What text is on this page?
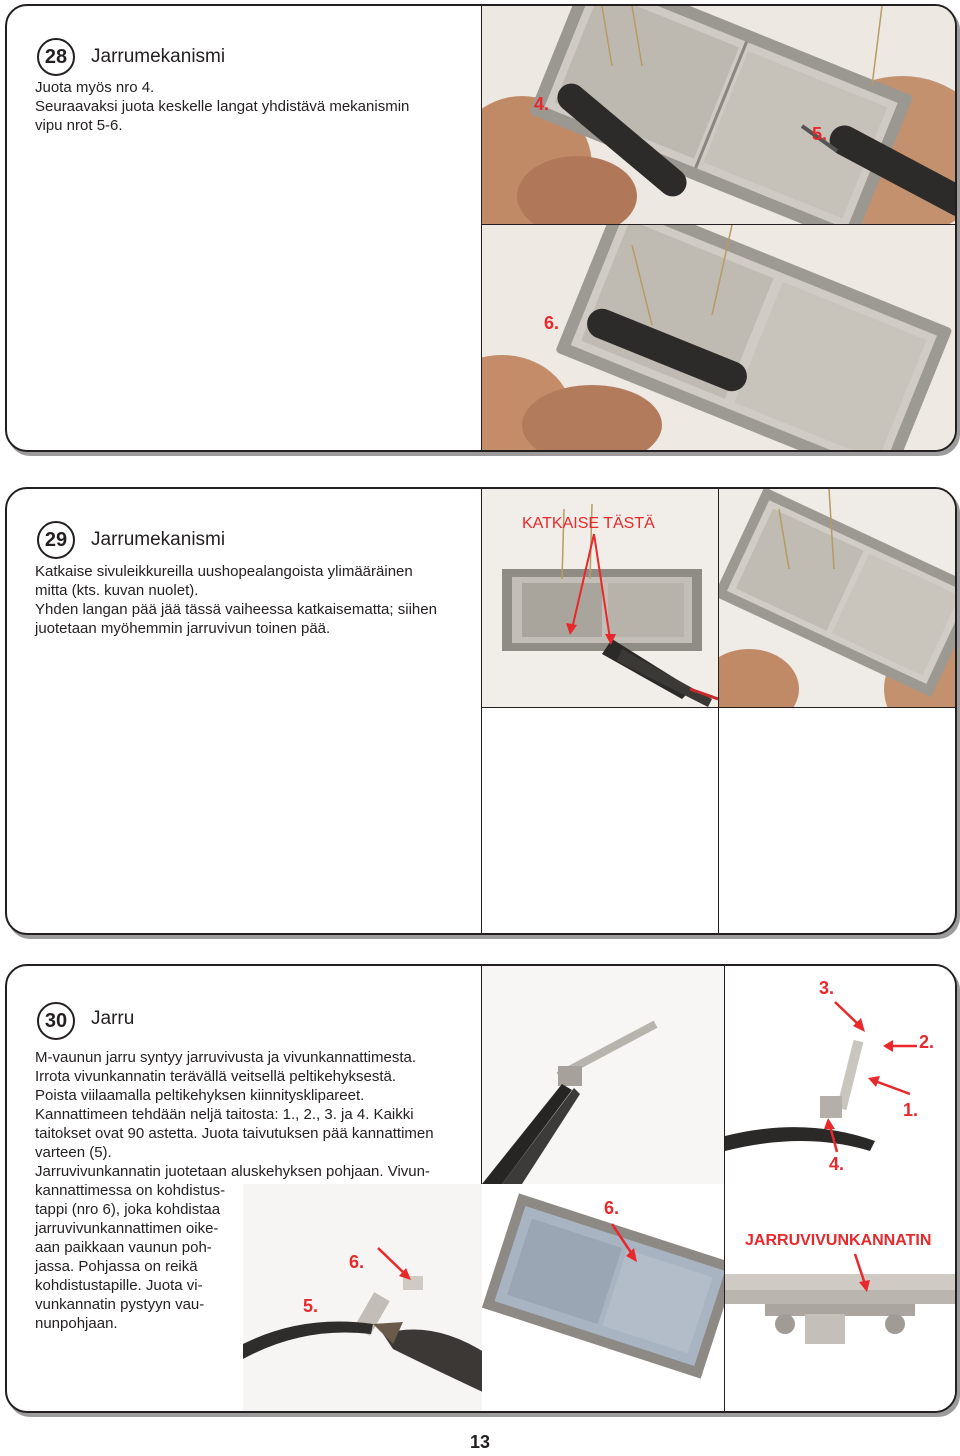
28	Jarrumekanismi
Juota myös nro 4.
Seuraavaksi juota keskelle langat yhdistävä mekanismin
vipu nrot 5-6.
4.
5.
6.
29	Jarrumekanismi
Katkaise sivuleikkureilla uushopealangoista ylimääräinen
mitta (kts. kuvan nuolet).
Yhden langan pää jää tässä vaiheessa katkaisematta; siihen
juotetaan myöhemmin jarruvivun toinen pää.
KATKAISE TÄSTÄ
30	Jarru
M-vaunun jarru syntyy jarruvivusta ja vivunkannattimesta.
Irrota vivunkannatin terävällä veitsellä peltikehyksestä.
Poista viilaamalla peltikehyksen kiinnitysklipareet.
Kannattimeen tehdään neljä taitosta: 1., 2., 3. ja 4. Kaikki
taitokset ovat 90 astetta. Juota taivutuksen pää kannattimen
varteen (5).
Jarruvivunkannatin juotetaan aluskehyksen pohjaan. Vivun-
kannattimessa on kohdistus-
tappi (nro 6), joka kohdistaa
jarruvivunkannattimen oike-
aan paikkaan vaunun poh-
jassa. Pohjassa on reikä
kohdistustapille. Juota vi-
vunkannatin pystyyn vau-
nunpohjaan.
3.
2.
1.
4.
5.
6.
6.
JARRUVIVUNKANNATIN
13
